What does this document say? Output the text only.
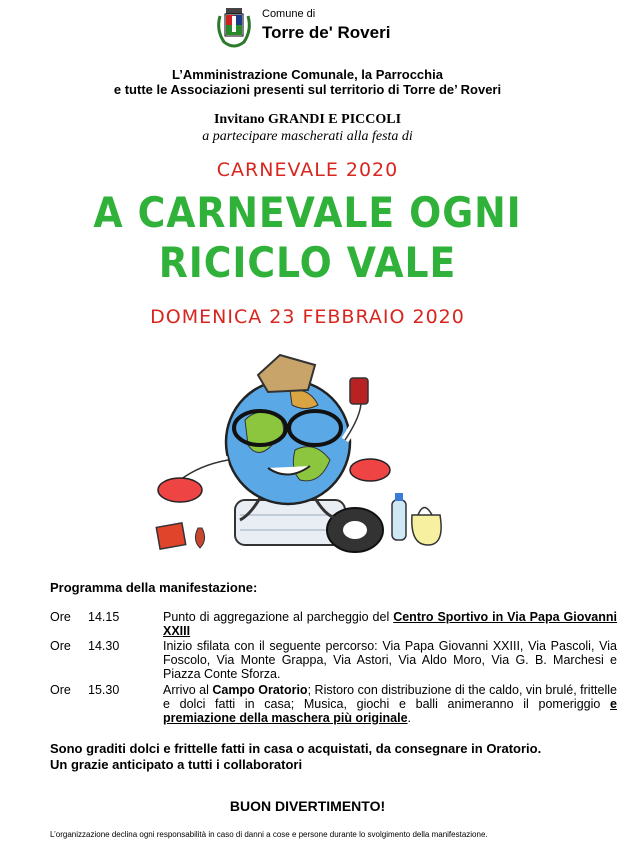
Comune di
Torre de' Roveri
L’Amministrazione Comunale, la Parrocchia
e tutte le Associazioni presenti sul territorio di Torre de’ Roveri
Invitano GRANDI E PICCOLI
a partecipare mascherati alla festa di
CARNEVALE 2020
A CARNEVALE OGNI
RICICLO VALE
DOMENICA 23 FEBBRAIO 2020
Programma della manifestazione:
Ore 14.15	Punto di aggregazione al parcheggio del Centro Sportivo in Via Papa Giovanni XXIII
Ore 14.30	Inizio sfilata con il seguente percorso: Via Papa Giovanni XXIII, Via Pascoli, Via Foscolo, Via Monte Grappa, Via Astori, Via Aldo Moro, Via G. B. Marchesi e Piazza Conte Sforza.
Ore 15.30	Arrivo al Campo Oratorio; Ristoro con distribuzione di the caldo, vin brulé, frittelle e dolci fatti in casa; Musica, giochi e balli animeranno il pomeriggio e premiazione della maschera più originale.
Sono graditi dolci e frittelle fatti in casa o acquistati, da consegnare in Oratorio.
Un grazie anticipato a tutti i collaboratori
BUON DIVERTIMENTO!
L’organizzazione declina ogni responsabilità in caso di danni a cose e persone durante lo svolgimento della manifestazione.
